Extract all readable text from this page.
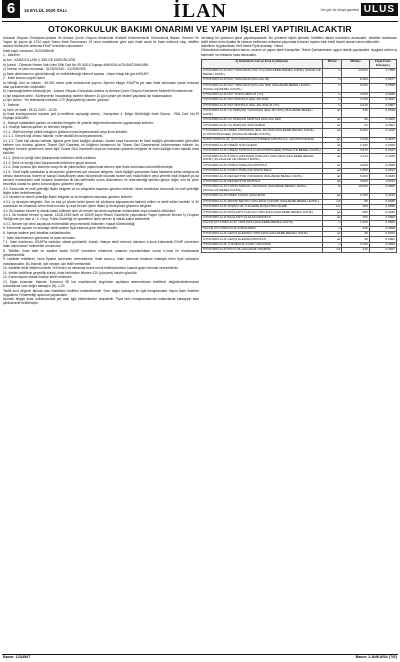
6	15 EYLÜL 2020 SALI	İLAN	Her gün bir dünya gazetesi ULUS
OTOKORKULUK BAKIMI ONARIMI VE YAPIM İŞLERİ YAPTIRILACAKTIR

Ankaralı Otoyolu Güneybatı-Ankara Ve Ankara Çevre Otoyolu Kesiminde Muhtelif Kilometrelerde Otokorkuluk Bakımı Onarımı Ve Yapım İşi yapım işi 4734 sayılı Kamu İhale Kanununun 19 uncu maddesine göre açık ihale usulü ile ihale edilecek olup, teklifler sadece elektronik ortamda EKAP üzerinden alınacaktır.

İhale kayıt numarası: 2020/455648

1 - İdarenin

a) Adı : KARAYOLLARI 4. BÖLGE MÜDÜRLÜĞÜ

b) Adresi : Zübeyde Hanım Vakı Nevi Etlik Cad No:39 06110 Dışkapı ANKARA ALTINDAĞ/ANKARA

c) Telefon ve faks numarası : 3123092040 - 3123092059

ç) İhale dokümanının görülebileceği ve indirilebileceği internet sayfası : https://ekap.kik.gov.tr/EKAP/

2 - İhale konusu yapım işinin

a) Niteliği, türü ve miktarı : 66.000 metre çelik otokorkuluk yapımı. Ayrıntılı bilgiye EKAP'ta yer alan ihale dokümanı içinde bulunan idari şartnameden ulaşılabilir.

b) Yapılacağı/teslim edileceği yer : Ankara Otoyolu Güneybatı-Ankara ve Ankara Çevre Otoyolu Kesiminde Muhtelif Kilometrelerde

c) İşe başlama tarihi : Sözleşmenin imzalandığı tarihten itibaren 10 gün içinde yer teslimi yapılarak işe başlanacaktır.

ç) İşin süresi : Yer tesliminden itibaren 270 (ikiyüzyetmiş) takvim günüdür.

3 - İhalenin

a) Tarih ve saati : 06.10.2020 - 10:30

b) İhale komisyonunun toplantı yeri (e-tekliflerin açılacağı adres) : Karayolları 4. Bölge Müdürlüğü İhale Salonu - Etlik Cad. No:19 Dışkapı ANKARA

4 - İhaleye katılabilme şartları ve istenilen belgeler ile yeterlik değerlendirmesinde uygulanacak kriterler:

4.1. İhaleye katılma şartları ve istenilen belgeler:

4.1.1. Teklif vermeye yetkili olduğunu gösteren imza beyannamesi veya imza sirküleri;

4.1.1.1. Gerçek kişi olması halinde, noter tasdikli imza beyannamesi,

4.1.1.2. Tüzel kişi olması halinde, ilgisine göre tüzel kişiliğin ortakları, üyeleri veya kurucuları ile tüzel kişiliğin yönetimindeki görevlileri belirten son durumu gösterir Ticaret Sicil Gazetesi, bu bilgilerin tamamının bir Ticaret Sicil Gazetesinde bulunmaması halinde, bu bilgilerin tümünü göstermek üzere ilgili Ticaret Sicil Gazeteleri veya bu hususları gösteren belgeler ile tüzel kişiliğin noter tasdikli imza sirküleri.

4.1.2. Şekli ve içeriği İdari Şartnamede belirlenen teklif mektubu.

4.1.3. Şekli ve içeriği İdari Şartnamede belirlenen geçici teminat.

4.1.4. İhale konusu işte idarenin onayı ile alt yüklenicilere yaptırılmak istenen işler ihale dokümanında belirtilmemiştir.

4.1.5. Tüzel kişilik tarafından iş deneyimini göstermek için sunulan belgenin, tüzel kişiliğin yarısından fazla hissesine sahip ortağına ait olması durumunda, ticaret ve sanayi odası/ticaret odası bünyesinde bulunan ticaret sicil müdürlükleri veya yeminli mali müşavir ya da serbest muhasebeci mali müşavir tarafından ilk ilan tarihinden sonra düzenlenen ve düzenlendiği tarihten geriye doğru son bir yıldır kesintisiz olarak bu şartın korunduğunu gösteren belge.

4.2. Ekonomik ve mali yeterliğe ilişkin belgeler ve bu belgelerin taşıması gereken kriterler: İdare tarafından ekonomik ve mali yeterliğe ilişkin kriter belirtilmemiştir.

4.3. Mesleki ve teknik yeterliğe ilişkin belgeler ve bu belgelerin taşıması gereken kriterler:

4.3.1. İş deneyim belgeleri: Son on beş yıl içinde bedel içeren bir sözleşme kapsamında taahhüt edilen ve teklif edilen bedelin % 40 oranından az olmamak üzere ihale konusu iş veya benzer işlere ilişkin iş deneyimini gösteren belgeler.

4.4. Bu ihalede benzer iş olarak kabul edilecek işler ve benzer işe denk sayılacak mühendislik veya mimarlık bölümleri:

4.4.1. Bu ihalede benzer iş olarak, 18.08.2018 tarih ve 30539 sayılı Resmi Gazete'de yayımlanan Yapım İşlerinde Benzer İş Grupları Tebliği'nde yer alan A / V. Grup: Trafik Güvenliği ve İşaretleme İşleri benzer iş olarak kabul edilecektir.

4.4.2. Benzer işe denk sayılacak mühendislik veya mimarlık bölümleri: İnşaat Mühendisliği

5. Ekonomik açıdan en avantajlı teklif sadece fiyat esasına göre belirlenecektir.

6. İhaleye sadece yerli istekliler katılabilecektir.

7. İhale dokümanının görülmesi ve satın alınması:

7.1. İhale dokümanı, EKAP'ta bedelsiz olarak görülebilir. Ancak, ihaleye teklif verecek olanların e-imza kullanarak EKAP üzerinden ihale dokümanını indirmeleri zorunludur.

8. Teklifler, ihale tarih ve saatine kadar EKAP üzerinden elektronik ortamda hazırlandıktan sonra e-imza ile imzalanarak gönderilecektir.

9. İstekliler tekliflerini, birim fiyatlar üzerinden vereceklerdir. İhale sonucu, ihale üzerinde bırakılan istekliyle birim fiyat sözleşme imzalanacaktır. Bu ihalede, işin tamamı için teklif verilecektir.

10. İstekliler teklif ettikleri bedelin %3'ünden az olmamak üzere kendi belirleyecekleri tutarda geçici teminat vereceklerdir.

11. Verilen tekliflerin geçerlilik süresi, ihale tarihinden itibaren 120 (yüzyirmi) takvim günüdür.

12. Konsorsiyum olarak ihaleye teklif verilemez.

13. Diğer hususlar: İhalede, Kanunun 38 inci maddesinde öngörülen açıklama istenmeksizin tekliflerin değerlendirilmesinde kullanılacak sınır değer katsayısı (N): 1,00

Teklifi sınır değerin altında olan isteklilerin teklifleri reddedilecektir. Sınır değer katsayısı ile ilgili hesaplamalar Yapım İşleri İhaleleri Uygulama Yönetmeliği uyarınca yapılacaktır.

Ayrıntılı bilgiye ihale dokümanında yer alan ilgili hükümlerden ulaşılabilir. Fiyat farkı hesaplamasında kullanılacak katsayılar idari şartnamede belirtilmiştir.

herhangi bir yazılımın işlevi yapılmayacaktır. Bu yönteme ilişkin işlemler, belirtilen ilanlar üzerinden alınacaktır. İstekliler tarafından teklif edilen birim fiyatlar ile idarece belirlenen miktarlar çarpılarak bulunan toplam tutar teklif bedeli olarak kabul edilecektir.

İsteklilere Uygulanacak Yerli İstekli Fiyat Avantajı: Yoktur

Otokorkuluk malzemesinin bakım, onarım ve yapım işleri Karayolları Teknik Şartnamesine uygun olarak yapılacaktır. Aşağıda verilen iş kalemleri ve miktarlar esas alınacaktır.

İş Kaleminin Adı ve Kısa Açıklaması	Birimi	Miktarı	Fiyat Farkı Katsayısı
OTOKORKULUK RAY YAPILMASI (Tek Yön) (MALZEME BEDELİ DAHİL) (HAVALIYE BEDELİ DAHİL)	m	12.500	1,7358
OTOKORKULUK RAY YAPILMASI (RAL-RG 82)	m	8.400	0,6577
OTOKORKULUK RAY YAPILMASI (RAL-RG 820) (MALZEME BEDELİ DAHİL) (HAVALIYE BEDELİ DAHİL)	m	9.250	0,6598
OTOKORKULUK RAY SÖKÜLMESİ (8 Yön)	m	3.300	0,0045
OTOKORKULUK RAY MONTAJI (RAL-RG 820)	m	4.725	0,0037
OTOKORKULUK RAY MONTAJI (RAL-RG 820) (8 Yön)	m	1.610	0,0067
OTOKORKULUK UÇ PARÇASI YAPILMASI (RAL-RG 820) (MALZEME BEDELİ DAHİL)	ad	145	0,0018
OTOKORKULUK UÇ PARÇASI MONTAJI (RAL-RG 820)	ad	96	0,0002
OTOKORKULUK UÇ PARÇASI SÖKÜLMESİ	ad	64	0,0001
OTOKORKULUK DİREK YAPILMASI (RAL-RG 820) (MALZEME BEDELİ DAHİL) (C100 PROFİLDEN) (HAVALIYE BEDELİ DAHİL)	ad	5.200	0,3229
KORO KORKULUK (ÇOCUKDAMLIĞI) DİKMESİ MONTAJI (L-120 PROFİLDEN)	ad	1.540	0,0070
OTOKORKULUK DİREĞİ SÖKÜLMESİ	ad	2.180	0,0026
OTOKORKULUK DİREĞİ MONTAJI (C100 PROFİLDEN) (HAVALIYE BEDELİ DAHİL)	ad	3.070	0,0437
OTOKORKULUK AYIRICI (DİSTANS) PARÇASI YAPILMASI (MALZEME BEDELİ DAHİL) (PLAKALAR VE ANKRAJ DAHİL)	ad	4.120	0,1026
OTOKORKULUK AYIRICI PARÇASI MONTAJI	ad	2.900	0,0028
OTOKORKULUK AYIRICI PARÇASI SÖKÜLMESİ	ad	1.850	0,0014
OTOKORKULUK REFLEKTÖR YAPILMASI (MALZEME BEDELİ DAHİL)	ad	6.400	0,0189
OTOKORKULUK REFLEKTÖR MONTAJI	ad	3.600	0,0011
OTOKORKULUK CIVATA SOMUN YAPILMASI (MALZEME BEDELİ DAHİL) (HAVALIYE BEDELİ DAHİL)	tk	18.500	0,0950
OTOKORKULUK DİREK KAZIĞI ÇAKILMASI	ad	2.450	0,0210
OTOKORKULUK ZEMİNİ BETON YAPILMASI (C20/25) (MALZEME BEDELİ DAHİL)	m3	85	0,0035
OTOKORKULUK TAŞIMA VE YÜKLEME BOŞALTMA İŞLERİ	ton	420	0,0095
OTOKORKULUK BAĞLANTI PLAKASI YAPILMASI (MALZEME BEDELİ DAHİL)	ad	980	0,0045
OTOKORKULUK BAĞLANTI PLAKASI MONTAJI	ad	760	0,0009
KAYAR ÇİT KORKULUK YAPILMASI (MALZEME BEDELİ DAHİL)	m	1.200	0,0560
KAYAR ÇİT KORKULUK SÖKÜLMESİ	m	640	0,0008
OTOKORKULUK GEÇİŞ ELEMANI YAPILMASI (MALZEME BEDELİ DAHİL)	ad	48	0,0012
OTOKORKULUK GEÇİŞ ELEMANI MONTAJI	ad	36	0,0002
OTOKORKULUK YÜKSEKLİK AYARI YAPILMASI	m	2.700	0,0063
OTOKORKULUK BOYA VE GALVANİZ ONARIMI	m2	310	0,0027
Basın: 1234567	Basın: 2.ANKARA (7/E)
